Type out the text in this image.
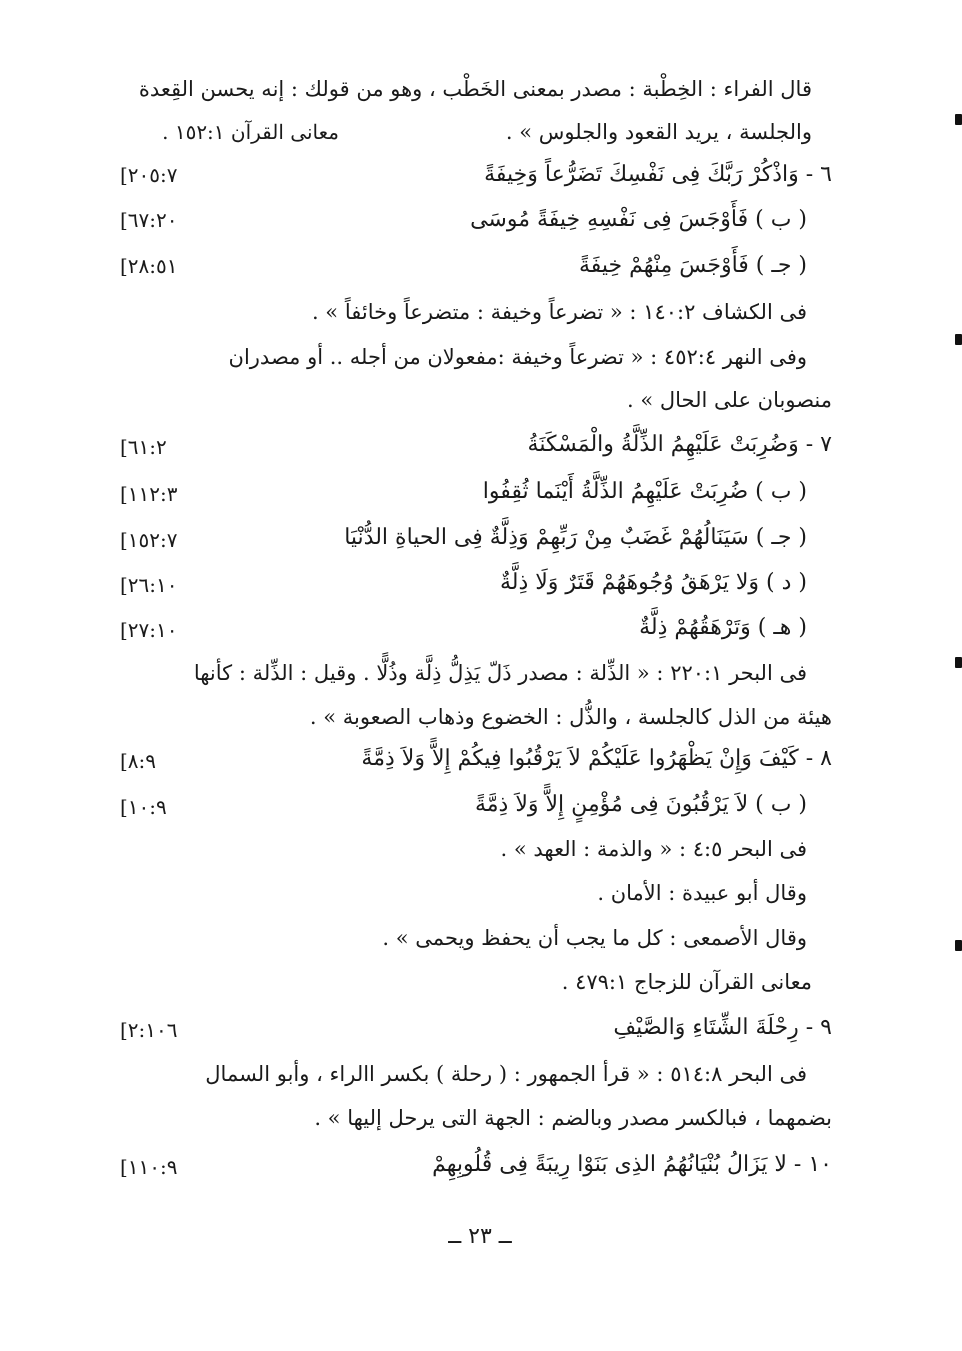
قال الفراء : الخِطْبة : مصدر بمعنى الخَطْب ، وهو من قولك : إنه يحسن القِعدة
والجلسة ، يريد القعود والجلوس » .
معانى القرآن ١٥٢:١ .
٦ - وَاذْكُرْ رَبَّكَ فِى نَفْسِكَ تَضَرُّعاً وَخِيفَةً
[٢٠٥:٧
( ب ) فَأَوْجَسَ فِى نَفْسِهِ خِيفَةً مُوسَى
[٦٧:٢٠
( جـ ) فَأَوْجَسَ مِنْهُمْ خِيفَةً
[٢٨:٥١
فى الكشاف ١٤٠:٢ : « تضرعاً وخيفة : متضرعاً وخائفاً » .
وفى النهر ٤٥٢:٤ : « تضرعاً وخيفة :مفعولان من أجله .. أو مصدران
منصوبان على الحال » .
٧ - وَضُرِبَتْ عَلَيْهِمُ الذِّلَّةُ والْمَسْكَنَةُ
[٦١:٢
( ب ) ضُرِبَتْ عَلَيْهِمُ الذِّلَّةُ أَيْنَما ثُقِفُوا
[١١٢:٣
( جـ ) سَيَنَالُهُمْ غَضَبٌ مِنْ رَبِّهِمْ وَذِلَّةٌ فِى الحياةِ الدُّنْيَا
[١٥٢:٧
( د ) وَلا يَرْهَقُ وُجُوهَهُمْ قَتَرٌ وَلَا ذِلَّةٌ
[٢٦:١٠
( هـ ) وَتَرْهَقُهُمْ ذِلَّةٌ
[٢٧:١٠
فى البحر ٢٢٠:١ : « الذِّلة : مصدر ذَلّ يَذِلُّ ذِلَّة وذُلًّا . وقيل : الذِّلة : كأنها
هيئة من الذل كالجلسة ، والذُّل : الخضوع وذهاب الصعوبة » .
٨ - كَيْفَ وَإِنْ يَظْهَرُوا عَلَيْكُمْ لاَ يَرْقُبُوا فِيكُمْ إِلاًّ وَلاَ ذِمَّةً
[٨:٩
( ب ) لاَ يَرْقُبُونَ فِى مُؤْمِنٍ إِلاًّ وَلاَ ذِمَّةً
[١٠:٩
فى البحر ٤:٥ : « والذمة : العهد » .
وقال أبو عبيدة : الأمان .
وقال الأصمعى : كل ما يجب أن يحفظ ويحمى » .
معانى القرآن للزجاج ٤٧٩:١ .
٩ - رِحْلَةَ الشِّتَاءِ وَالصَّيْفِ
[٢:١٠٦
فى البحر ٥١٤:٨ : « قرأ الجمهور : ( رحلة ) بكسر االراء ، وأبو السمال
بضمهما ، فبالكسر مصدر وبالضم : الجهة التى يرحل إليها » .
١٠ - لا يَزَالُ بُنْيَانُهُمُ الذِى بَنَوْا رِيبَةً فِى قُلُوبِهِمْ
[١١٠:٩
ــ ٢٣ ــ
